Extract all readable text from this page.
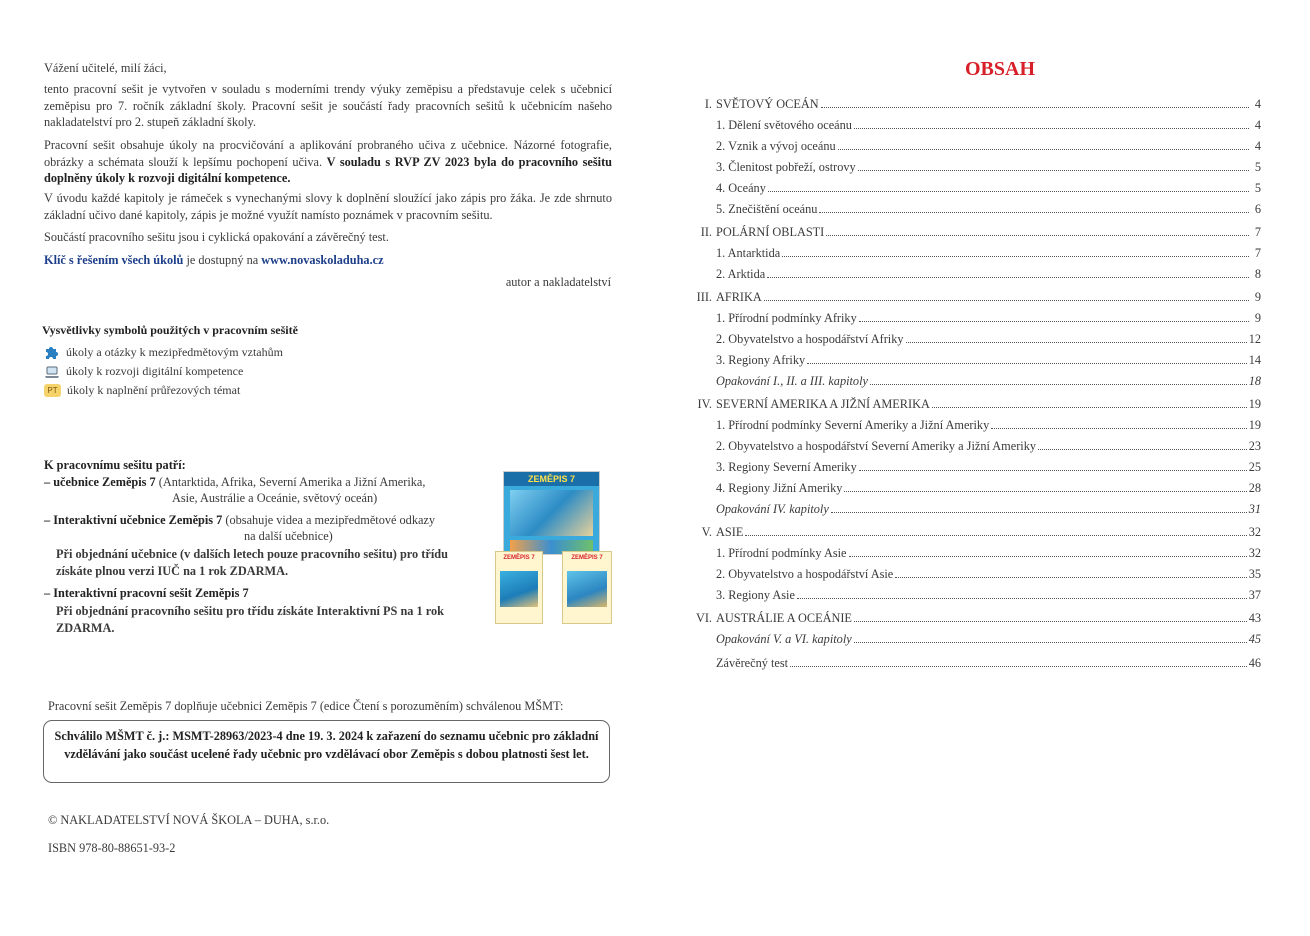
Vážení učitelé, milí žáci,
tento pracovní sešit je vytvořen v souladu s moderními trendy výuky zeměpisu a představuje celek s učebnicí zeměpisu pro 7. ročník základní školy. Pracovní sešit je součástí řady pracovních sešitů k učebnicím našeho nakladatelství pro 2. stupeň základní školy.
Pracovní sešit obsahuje úkoly na procvičování a aplikování probraného učiva z učebnice. Názorné fotografie, obrázky a schémata slouží k lepšímu pochopení učiva. V souladu s RVP ZV 2023 byla do pracovního sešitu doplněny úkoly k rozvoji digitální kompetence.
V úvodu každé kapitoly je rámeček s vynechanými slovy k doplnění sloužící jako zápis pro žáka. Je zde shrnuto základní učivo dané kapitoly, zápis je možné využít namísto poznámek v pracovním sešitu.
Součástí pracovního sešitu jsou i cyklická opakování a závěrečný test.
Klíč s řešením všech úkolů je dostupný na www.novaskoladuha.cz
autor a nakladatelství
Vysvětlivky symbolů použitých v pracovním sešitě
úkoly a otázky k mezipředmětovým vztahům
úkoly k rozvoji digitální kompetence
PT úkoly k naplnění průřezových témat
K pracovnímu sešitu patří:
– učebnice Zeměpis 7 (Antarktida, Afrika, Severní Amerika a Jižní Amerika,
Asie, Austrálie a Oceánie, světový oceán)
– Interaktivní učebnice Zeměpis 7 (obsahuje videa a mezipředmětové odkazy
na další učebnice)
Při objednání učebnice (v dalších letech pouze pracovního sešitu) pro třídu získáte plnou verzi IUČ na 1 rok ZDARMA.
– Interaktivní pracovní sešit Zeměpis 7
Při objednání pracovního sešitu pro třídu získáte Interaktivní PS na 1 rok ZDARMA.
ZEMĚPIS 7
ZEMĚPIS 7	ZEMĚPIS 7
Pracovní sešit Zeměpis 7 doplňuje učebnici Zeměpis 7 (edice Čtení s porozuměním) schválenou MŠMT:
Schválilo MŠMT č. j.: MSMT-28963/2023-4 dne 19. 3. 2024 k zařazení do seznamu učebnic pro základní vzdělávání jako součást ucelené řady učebnic pro vzdělávací obor Zeměpis s dobou platnosti šest let.
© NAKLADATELSTVÍ NOVÁ ŠKOLA – DUHA, s.r.o.
ISBN 978-80-88651-93-2
OBSAH
I. SVĚTOVÝ OCEÁN	4
1. Dělení světového oceánu	4
2. Vznik a vývoj oceánu	4
3. Členitost pobřeží, ostrovy	5
4. Oceány	5
5. Znečištění oceánu	6
II. POLÁRNÍ OBLASTI	7
1. Antarktida	7
2. Arktida	8
III. AFRIKA	9
1. Přírodní podmínky Afriky	9
2. Obyvatelstvo a hospodářství Afriky	12
3. Regiony Afriky	14
Opakování I., II. a III. kapitoly	18
IV. SEVERNÍ AMERIKA A JIŽNÍ AMERIKA	19
1. Přírodní podmínky Severní Ameriky a Jižní Ameriky	19
2. Obyvatelstvo a hospodářství Severní Ameriky a Jižní Ameriky	23
3. Regiony Severní Ameriky	25
4. Regiony Jižní Ameriky	28
Opakování IV. kapitoly	31
V. ASIE	32
1. Přírodní podmínky Asie	32
2. Obyvatelstvo a hospodářství Asie	35
3. Regiony Asie	37
VI. AUSTRÁLIE A OCEÁNIE	43
Opakování V. a VI. kapitoly	45
Závěrečný test	46
